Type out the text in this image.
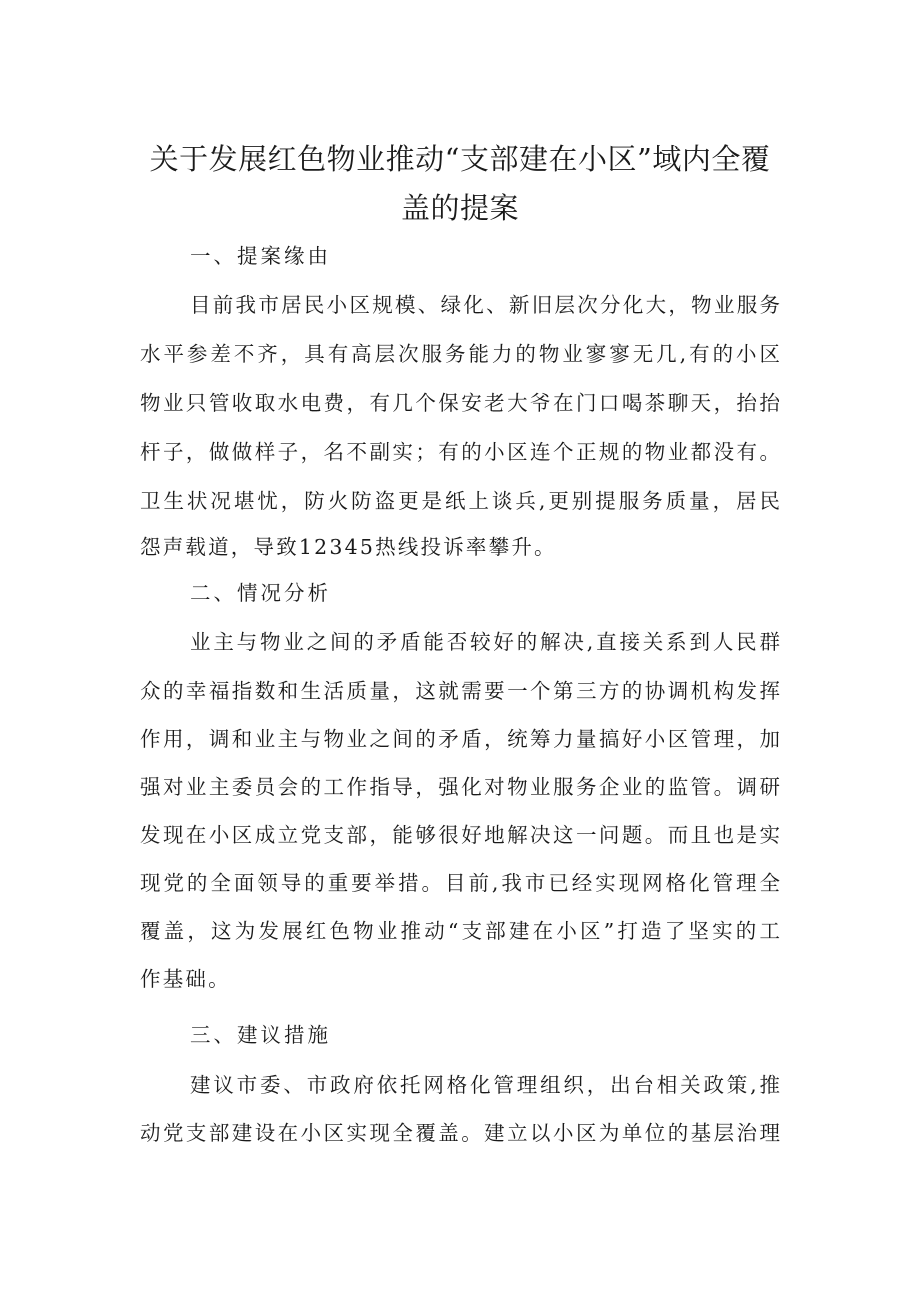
关于发展红色物业推动“支部建在小区”域内全覆
盖的提案
一、提案缘由
目前我市居民小区规模、绿化、新旧层次分化大，物业服务
水平参差不齐，具有高层次服务能力的物业寥寥无几,有的小区
物业只管收取水电费，有几个保安老大爷在门口喝茶聊天，抬抬
杆子，做做样子，名不副实；有的小区连个正规的物业都没有。
卫生状况堪忧，防火防盗更是纸上谈兵,更别提服务质量，居民
怨声载道，导致12345热线投诉率攀升。
二、情况分析
业主与物业之间的矛盾能否较好的解决,直接关系到人民群
众的幸福指数和生活质量，这就需要一个第三方的协调机构发挥
作用，调和业主与物业之间的矛盾，统筹力量搞好小区管理，加
强对业主委员会的工作指导，强化对物业服务企业的监管。调研
发现在小区成立党支部，能够很好地解决这一问题。而且也是实
现党的全面领导的重要举措。目前,我市已经实现网格化管理全
覆盖，这为发展红色物业推动“支部建在小区”打造了坚实的工
作基础。
三、建议措施
建议市委、市政府依托网格化管理组织，出台相关政策,推
动党支部建设在小区实现全覆盖。建立以小区为单位的基层治理
